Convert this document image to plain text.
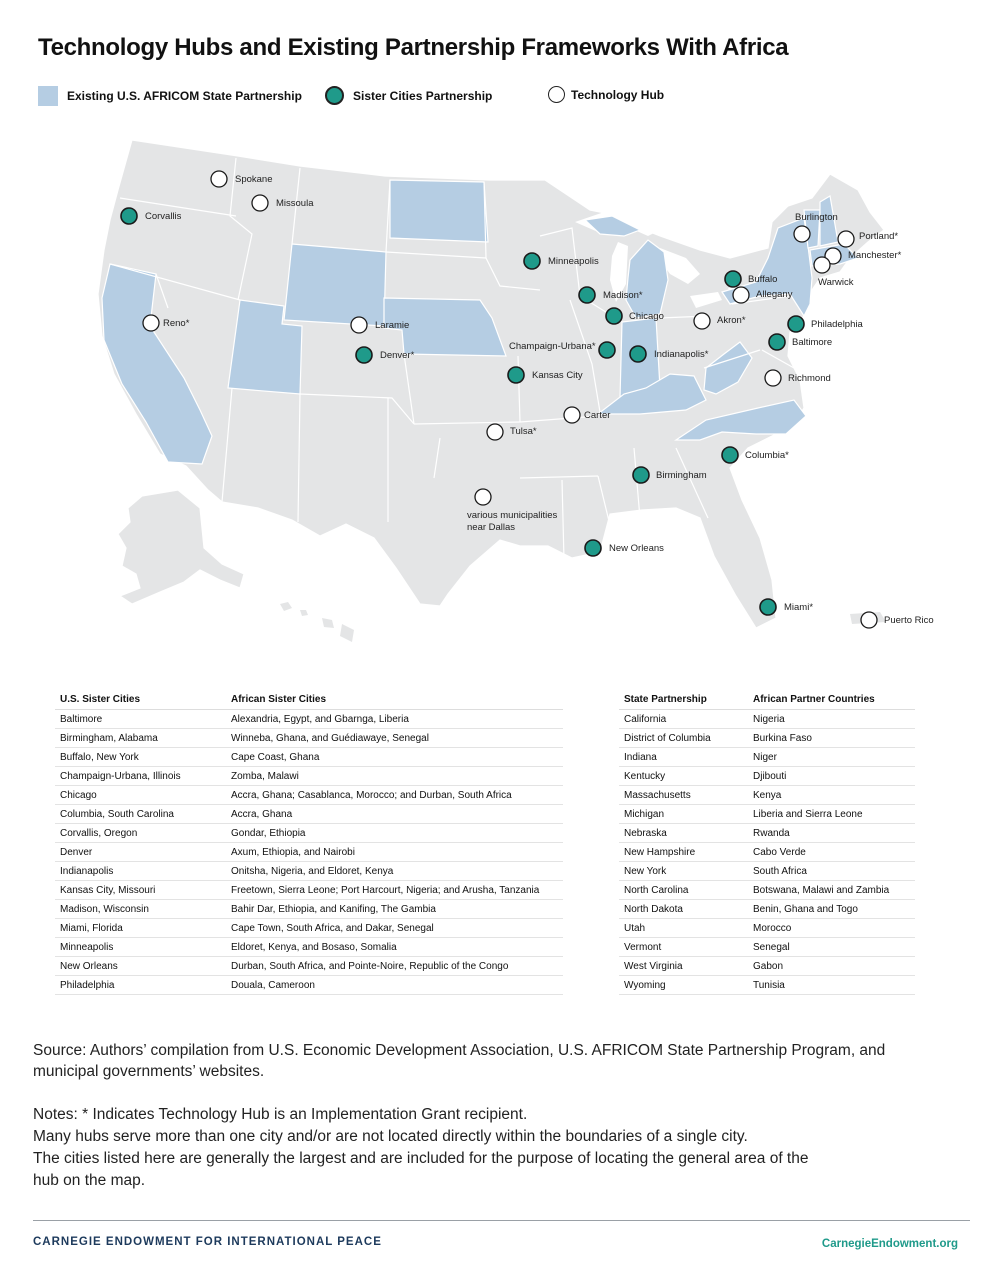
Technology Hubs and Existing Partnership Frameworks With Africa
Existing U.S. AFRICOM State Partnership	Sister Cities Partnership	Technology Hub
Spokane
Missoula
Corvallis	Burlington
Portland*
Manchester*
Warwick
Minneapolis
Buffalo
Allegany
Madison*
Reno*	Laramie
Chicago	Akron*	Philadelphia
Champaign-Urbana*
Indianapolis*
Baltimore
Denver*
Kansas City	Richmond
Carter
Tulsa*
Columbia*
Birmingham
various municipalities
near Dallas
New Orleans
Miami*
Puerto Rico
U.S. Sister Cities	African Sister Cities
Baltimore	Alexandria, Egypt, and Gbarnga, Liberia
Birmingham, Alabama	Winneba, Ghana, and Guédiawaye, Senegal
Buffalo, New York	Cape Coast, Ghana
Champaign-Urbana, Illinois	Zomba, Malawi
Chicago	Accra, Ghana; Casablanca, Morocco; and Durban, South Africa
Columbia, South Carolina	Accra, Ghana
Corvallis, Oregon	Gondar, Ethiopia
Denver	Axum, Ethiopia, and Nairobi
Indianapolis	Onitsha, Nigeria, and Eldoret, Kenya
Kansas City, Missouri	Freetown, Sierra Leone; Port Harcourt, Nigeria; and Arusha, Tanzania
Madison, Wisconsin	Bahir Dar, Ethiopia, and Kanifing, The Gambia
Miami, Florida	Cape Town, South Africa, and Dakar, Senegal
Minneapolis	Eldoret, Kenya, and Bosaso, Somalia
New Orleans	Durban, South Africa, and Pointe-Noire, Republic of the Congo
Philadelphia	Douala, Cameroon
State Partnership	African Partner Countries
California	Nigeria
District of Columbia	Burkina Faso
Indiana	Niger
Kentucky	Djibouti
Massachusetts	Kenya
Michigan	Liberia and Sierra Leone
Nebraska	Rwanda
New Hampshire	Cabo Verde
New York	South Africa
North Carolina	Botswana, Malawi and Zambia
North Dakota	Benin, Ghana and Togo
Utah	Morocco
Vermont	Senegal
West Virginia	Gabon
Wyoming	Tunisia
Source: Authors’ compilation from U.S. Economic Development Association, U.S. AFRICOM State Partnership Program, and municipal governments’ websites.
Notes: * Indicates Technology Hub is an Implementation Grant recipient.
Many hubs serve more than one city and/or are not located directly within the boundaries of a single city.
The cities listed here are generally the largest and are included for the purpose of locating the general area of the
hub on the map.
CARNEGIE ENDOWMENT FOR INTERNATIONAL PEACE	CarnegieEndowment.org
